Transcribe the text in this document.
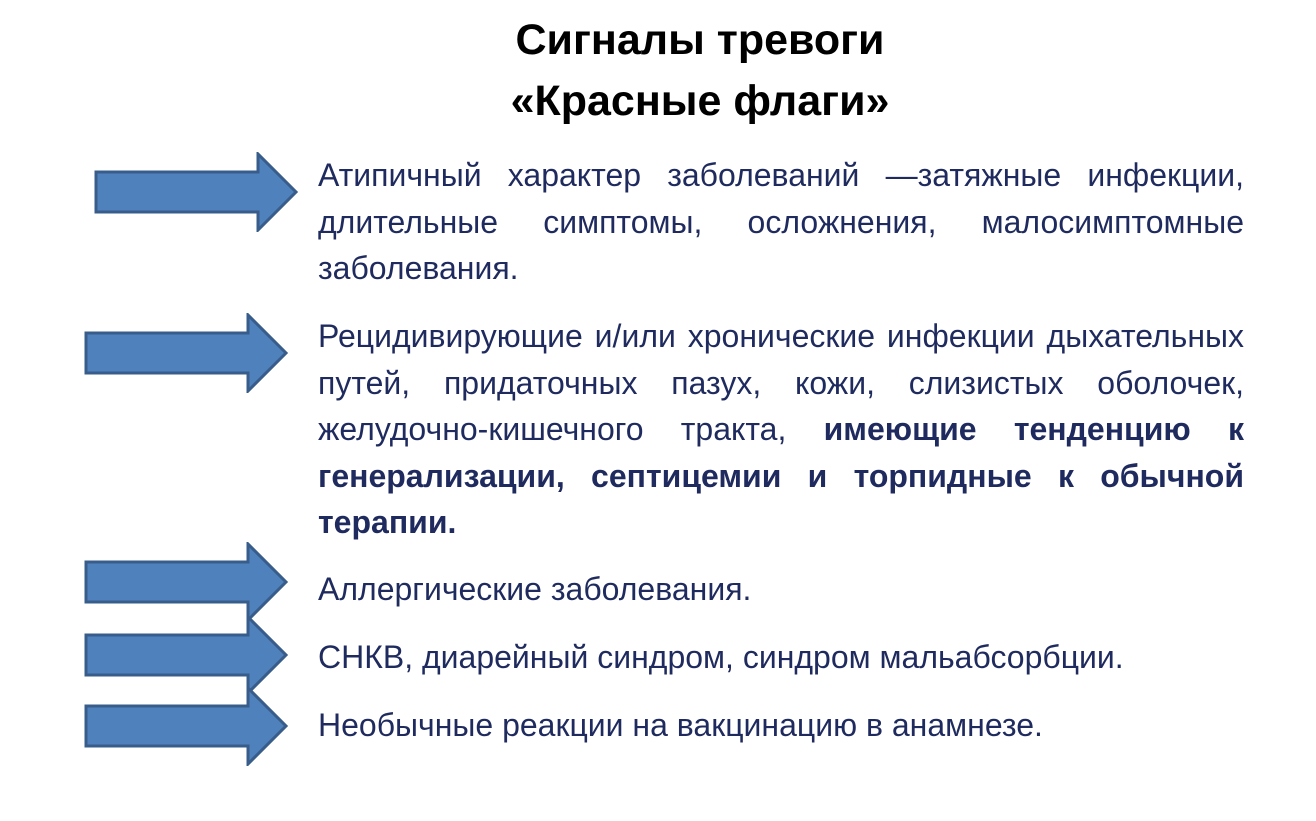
Сигналы тревоги
«Красные флаги»
Атипичный характер заболеваний —затяжные инфекции, длительные симптомы, осложнения, малосимптомные заболевания.
Рецидивирующие и/или хронические инфекции дыхательных путей, придаточных пазух, кожи, слизистых оболочек, желудочно-кишечного тракта, имеющие тенденцию к генерализации, септицемии и торпидные к обычной терапии.
Аллергические заболевания.
СНКВ, диарейный синдром, синдром мальабсорбции.
Необычные реакции на вакцинацию в анамнезе.
